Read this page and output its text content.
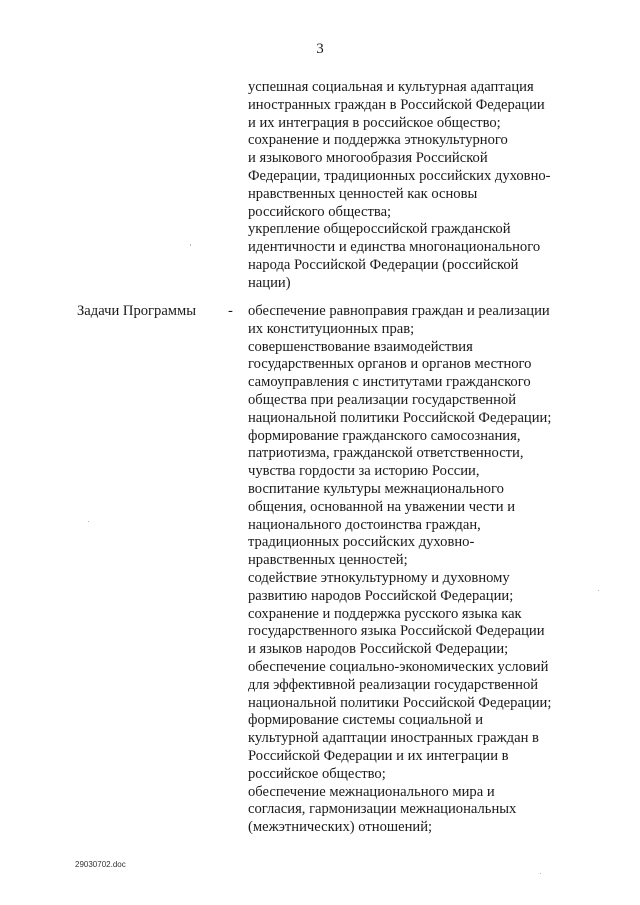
3
успешная социальная и культурная адаптация
иностранных граждан в Российской Федерации
и их интеграция в российское общество;
сохранение и поддержка этнокультурного
и языкового многообразия Российской
Федерации, традиционных российских духовно-
нравственных ценностей как основы
российского общества;
укрепление общероссийской гражданской
идентичности и единства многонационального
народа Российской Федерации (российской
нации)
Задачи Программы - обеспечение равноправия граждан и реализации
их конституционных прав;
совершенствование взаимодействия
государственных органов и органов местного
самоуправления с институтами гражданского
общества при реализации государственной
национальной политики Российской Федерации;
формирование гражданского самосознания,
патриотизма, гражданской ответственности,
чувства гордости за историю России,
воспитание культуры межнационального
общения, основанной на уважении чести и
национального достоинства граждан,
традиционных российских духовно-
нравственных ценностей;
содействие этнокультурному и духовному
развитию народов Российской Федерации;
сохранение и поддержка русского языка как
государственного языка Российской Федерации
и языков народов Российской Федерации;
обеспечение социально-экономических условий
для эффективной реализации государственной
национальной политики Российской Федерации;
формирование системы социальной и
культурной адаптации иностранных граждан в
Российской Федерации и их интеграции в
российское общество;
обеспечение межнационального мира и
согласия, гармонизации межнациональных
(межэтнических) отношений;
29030702.doc
